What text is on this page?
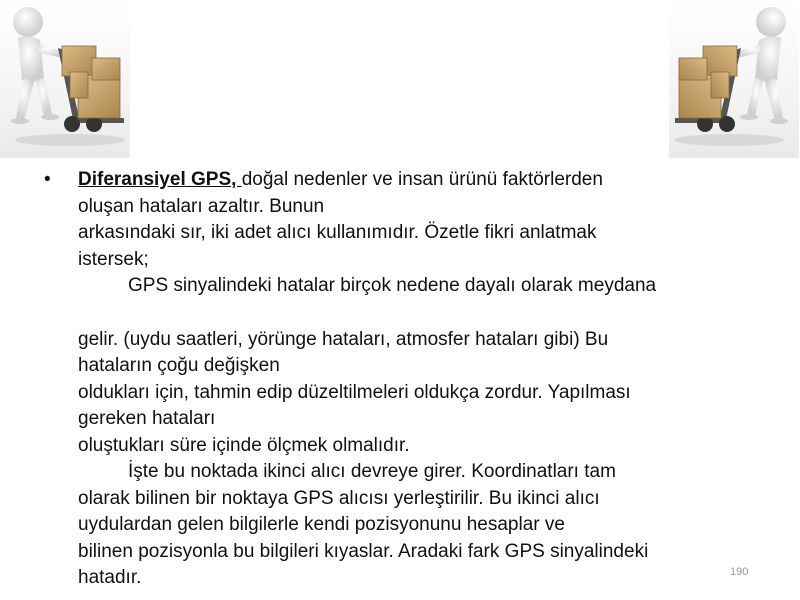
• Diferansiyel GPS, doğal nedenler ve insan ürünü faktörlerden
oluşan hataları azaltır. Bunun
arkasındaki sır, iki adet alıcı kullanımıdır. Özetle fikri anlatmak
istersek;
GPS sinyalindeki hatalar birçok nedene dayalı olarak meydana
gelir. (uydu saatleri, yörünge hataları, atmosfer hataları gibi) Bu
hataların çoğu değişken
oldukları için, tahmin edip düzeltilmeleri oldukça zordur. Yapılması
gereken hataları
oluştukları süre içinde ölçmek olmalıdır.
İşte bu noktada ikinci alıcı devreye girer. Koordinatları tam
olarak bilinen bir noktaya GPS alıcısı yerleştirilir. Bu ikinci alıcı
uydulardan gelen bilgilerle kendi pozisyonunu hesaplar ve
bilinen pozisyonla bu bilgileri kıyaslar. Aradaki fark GPS sinyalindeki
hatadır.	190
